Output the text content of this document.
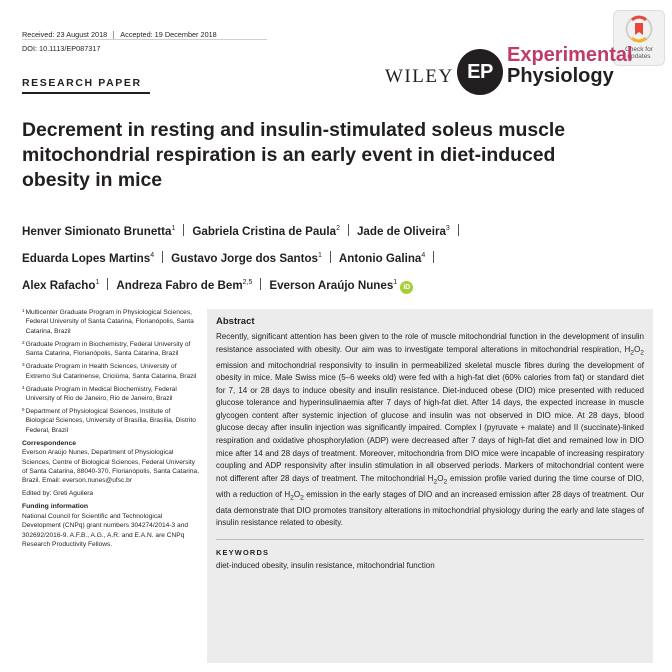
Received: 23 August 2018 Accepted: 19 December 2018
DOI: 10.1113/EP087317	Check for
updates
RESEARCH PAPER	WILEY EP
Experimental
Physiology
Decrement in resting and insulin-stimulated soleus muscle mitochondrial respiration is an early event in diet-induced obesity in mice
Henver Simionato Brunetta$^1$ Gabriela Cristina de Paula$^2$ Jade de Oliveira$^3$
Eduarda Lopes Martins$^4$ Gustavo Jorge dos Santos$^1$ Antonio Galina$^4$
Alex Rafacho$^1$ Andreza Fabro de Bem$^{2,5}$ Everson Araújo Nunes$^1$iD
1 Multicenter Graduate Program in Physiological Sciences, Federal University of Santa Catarina, Florianópolis, Santa Catarina, Brazil
2 Graduate Program in Biochemistry, Federal University of Santa Catarina, Florianópolis, Santa Catarina, Brazil
3 Graduate Program in Health Sciences, University of Extremo Sul Catarinense, Criciúma, Santa Catarina, Brazil
4 Graduate Program in Medical Biochemistry, Federal University of Rio de Janeiro, Rio de Janeiro, Brazil
5 Department of Physiological Sciences, Institute of Biological Sciences, University of Brasília, Brasília, Distrito Federal, Brazil
Correspondence
Everson Araújo Nunes, Department of Physiological Sciences, Centre of Biological Sciences, Federal University of Santa Catarina, 88040-370, Florianópolis, Santa Catarina, Brazil. Email: everson.nunes@ufsc.br
Edited by: Greti Aguilera
Funding information
National Council for Scientific and Technological Development (CNPq) grant numbers 304274/2014-3 and 302692/2016-9. A.F.B., A.G., A.R. and E.A.N. are CNPq Research Productivity Fellows.
Abstract
Recently, significant attention has been given to the role of muscle mitochondrial function in the development of insulin resistance associated with obesity. Our aim was to investigate temporal alterations in mitochondrial respiration, $H_2O_2$ emission and mitochondrial responsivity to insulin in permeabilized skeletal muscle fibres during the development of obesity in mice. Male Swiss mice (5–6 weeks old) were fed with a high-fat diet (60% calories from fat) or standard diet for 7, 14 or 28 days to induce obesity and insulin resistance. Diet-induced obese (DIO) mice presented with reduced glucose tolerance and hyperinsulinaemia after 7 days of high-fat diet. After 14 days, the expected increase in muscle glycogen content after systemic injection of glucose and insulin was not observed in DIO mice. At 28 days, blood glucose decay after insulin injection was significantly impaired. Complex I (pyruvate + malate) and II (succinate)-linked respiration and oxidative phosphorylation (ADP) were decreased after 7 days of high-fat diet and remained low in DIO mice after 14 and 28 days of treatment. Moreover, mitochondria from DIO mice were incapable of increasing respiratory coupling and ADP responsivity after insulin stimulation in all observed periods. Markers of mitochondrial content were not different after 28 days of treatment. The mitochondrial $H_2O_2$ emission profile varied during the time course of DIO, with a reduction of $H_2O_2$ emission in the early stages of DIO and an increased emission after 28 days of treatment. Our data demonstrate that DIO promotes transitory alterations in mitochondrial physiology during the early and late stages of insulin resistance related to obesity.
KEYWORDS
diet-induced obesity, insulin resistance, mitochondrial function
